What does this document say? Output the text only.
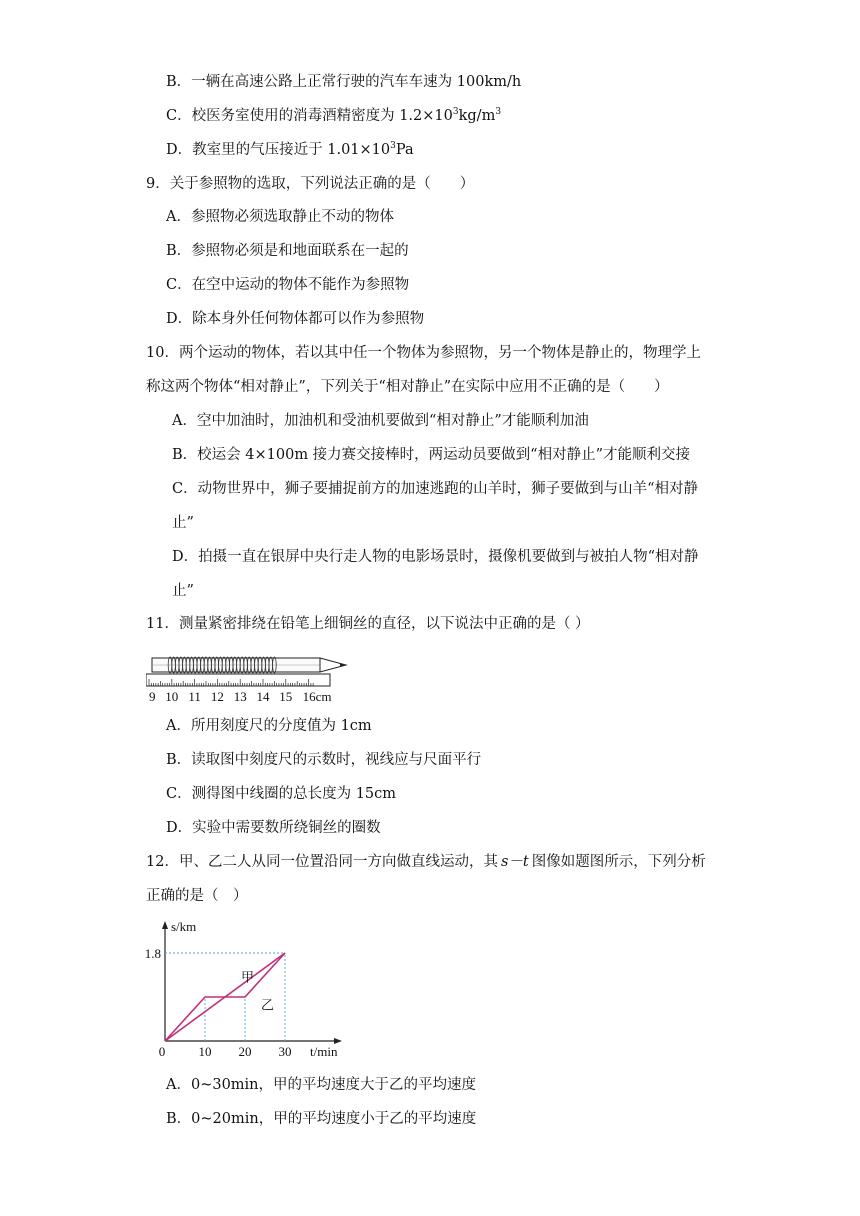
B．一辆在高速公路上正常行驶的汽车车速为 100km/h
C．校医务室使用的消毒酒精密度为 $1.2\times 10^3kg/m^3$
D．教室里的气压接近于 $1.01\times 10^3Pa$
9．关于参照物的选取，下列说法正确的是（　　）
A．参照物必须选取静止不动的物体
B．参照物必须是和地面联系在一起的
C．在空中运动的物体不能作为参照物
D．除本身外任何物体都可以作为参照物
10．两个运动的物体，若以其中任一个物体为参照物，另一个物体是静止的，物理学上
称这两个物体“相对静止”，下列关于“相对静止”在实际中应用不正确的是（　　）
A．空中加油时，加油机和受油机要做到“相对静止”才能顺利加油
B．校运会 4×100m 接力赛交接棒时，两运动员要做到“相对静止”才能顺利交接
C．动物世界中，狮子要捕捉前方的加速逃跑的山羊时，狮子要做到与山羊“相对静
止”
D．拍摄一直在银屏中央行走人物的电影场景时，摄像机要做到与被拍人物“相对静
止”
11．测量紧密排绕在铅笔上细铜丝的直径，以下说法中正确的是（ ）
9 10 11 12 13 14 15 16cm
A．所用刻度尺的分度值为 1cm
B．读取图中刻度尺的示数时，视线应与尺面平行
C．测得图中线圈的总长度为 15cm
D．实验中需要数所绕铜丝的圈数
12．甲、乙二人从同一位置沿同一方向做直线运动，其 s－t 图像如题图所示，下列分析
正确的是（　）
s/km
t/min
1.8
0	10 20 30
甲
乙
A．0~30min，甲的平均速度大于乙的平均速度
B．0~20min，甲的平均速度小于乙的平均速度
